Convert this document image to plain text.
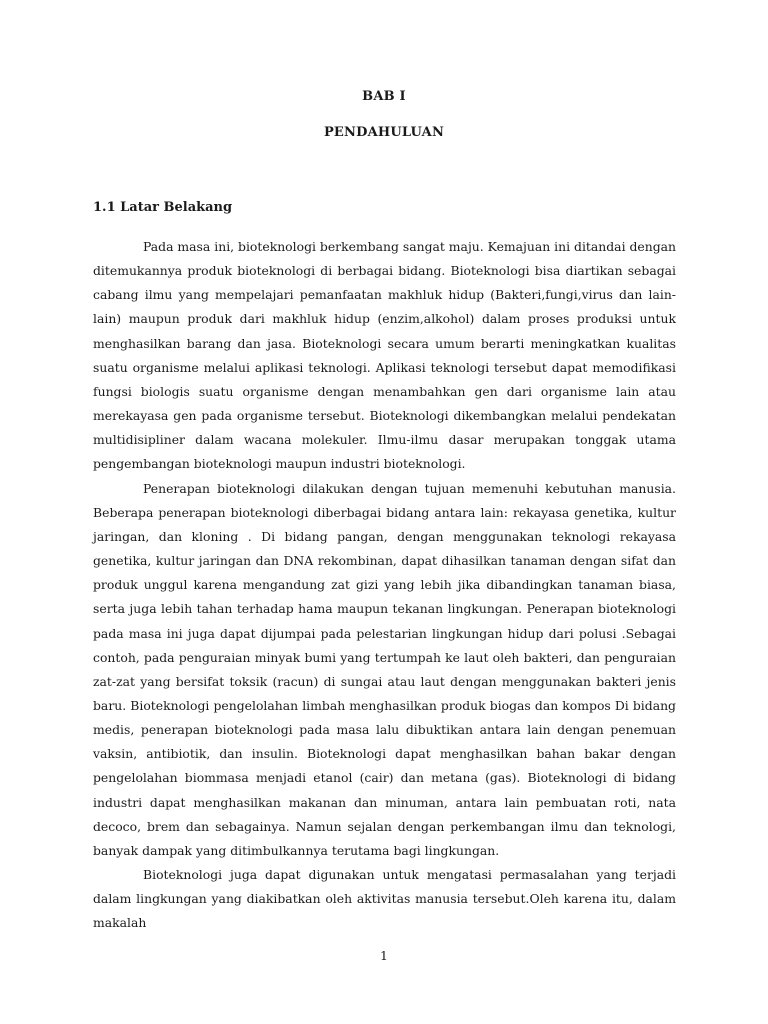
BAB I
PENDAHULUAN
1.1 Latar Belakang

Pada masa ini, bioteknologi berkembang sangat maju. Kemajuan ini ditandai dengan ditemukannya produk bioteknologi di berbagai bidang. Bioteknologi bisa diartikan sebagai cabang ilmu yang mempelajari pemanfaatan makhluk hidup (Bakteri,fungi,virus dan lain-lain) maupun produk dari makhluk hidup (enzim,alkohol) dalam proses produksi untuk menghasilkan barang dan jasa. Bioteknologi secara umum berarti meningkatkan kualitas suatu organisme melalui aplikasi teknologi. Aplikasi teknologi tersebut dapat memodifikasi fungsi biologis suatu organisme dengan menambahkan gen dari organisme lain atau merekayasa gen pada organisme tersebut. Bioteknologi dikembangkan melalui pendekatan multidisipliner dalam wacana molekuler. Ilmu-ilmu dasar merupakan tonggak utama pengembangan bioteknologi maupun industri bioteknologi.

Penerapan bioteknologi dilakukan dengan tujuan memenuhi kebutuhan manusia. Beberapa penerapan bioteknologi diberbagai bidang antara lain: rekayasa genetika, kultur jaringan, dan kloning . Di bidang pangan, dengan menggunakan teknologi rekayasa genetika, kultur jaringan dan DNA rekombinan, dapat dihasilkan tanaman dengan sifat dan produk unggul karena mengandung zat gizi yang lebih jika dibandingkan tanaman biasa, serta juga lebih tahan terhadap hama maupun tekanan lingkungan. Penerapan bioteknologi pada masa ini juga dapat dijumpai pada pelestarian lingkungan hidup dari polusi .Sebagai contoh, pada penguraian minyak bumi yang tertumpah ke laut oleh bakteri, dan penguraian zat-zat yang bersifat toksik (racun) di sungai atau laut dengan menggunakan bakteri jenis baru. Bioteknologi pengelolahan limbah menghasilkan produk biogas dan kompos Di bidang medis, penerapan bioteknologi pada masa lalu dibuktikan antara lain dengan penemuan vaksin, antibiotik, dan insulin. Bioteknologi dapat menghasilkan bahan bakar dengan pengelolahan biommasa menjadi etanol (cair) dan metana (gas). Bioteknologi di bidang industri dapat menghasilkan makanan dan minuman, antara lain pembuatan roti, nata decoco, brem dan sebagainya. Namun sejalan dengan perkembangan ilmu dan teknologi, banyak dampak yang ditimbulkannya terutama bagi lingkungan.

Bioteknologi juga dapat digunakan untuk mengatasi permasalahan yang terjadi dalam lingkungan yang diakibatkan oleh aktivitas manusia tersebut.Oleh karena itu, dalam makalah

1
